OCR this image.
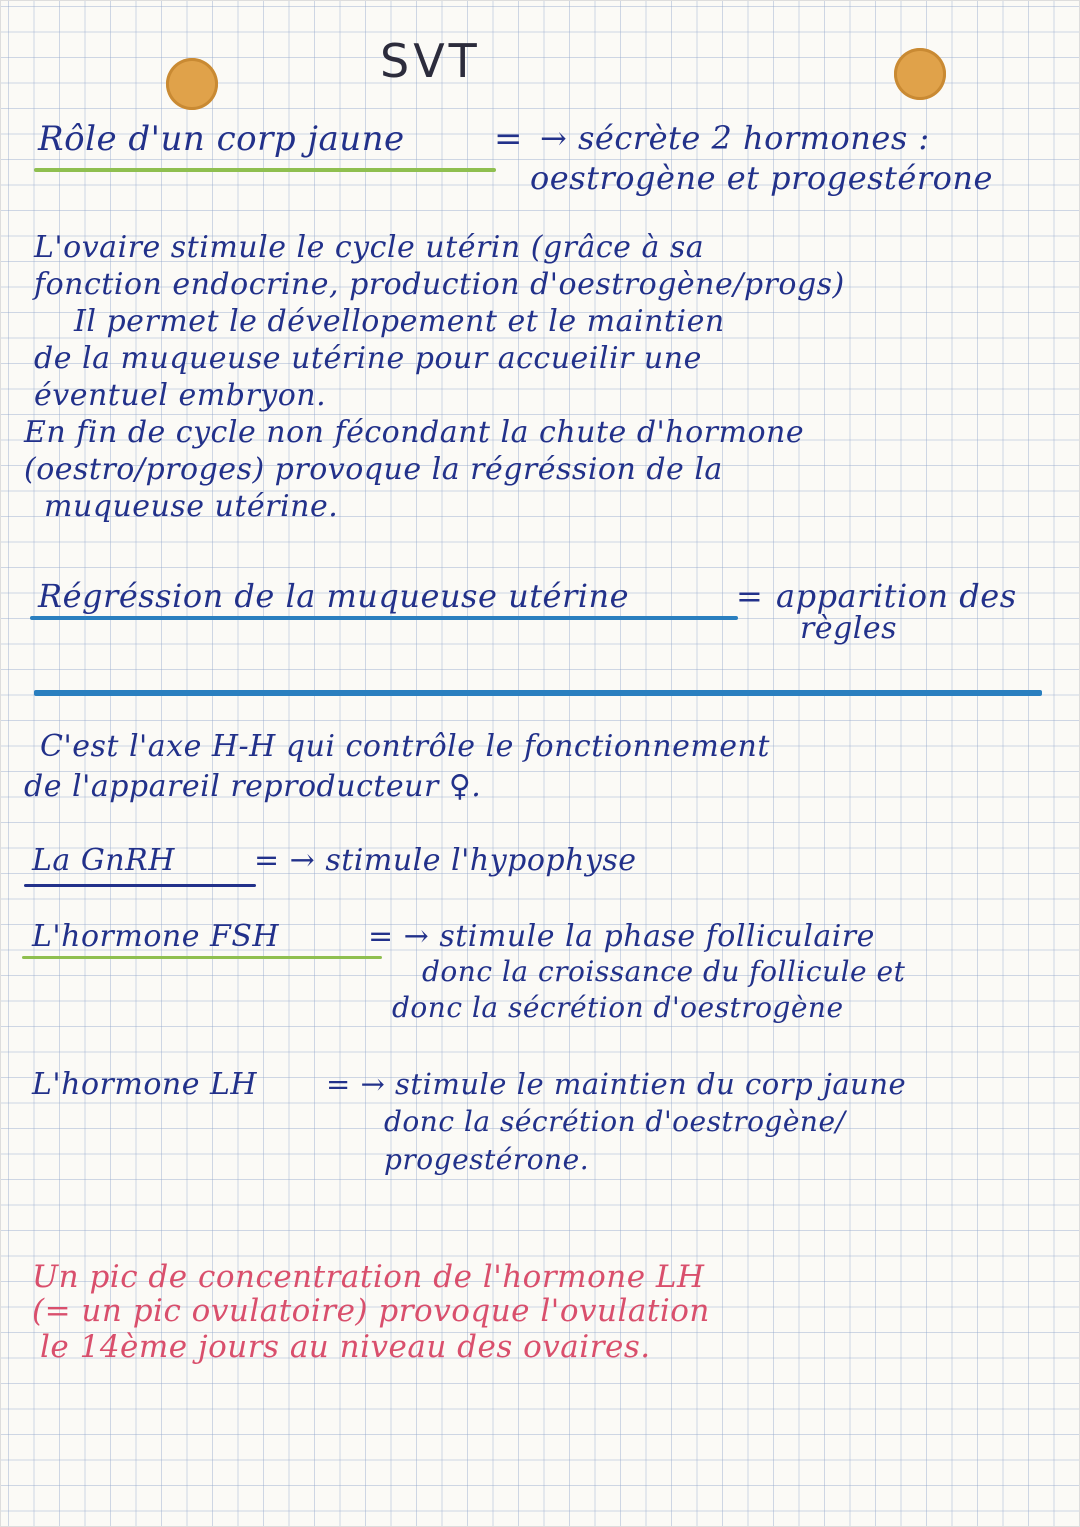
SVT
Rôle d'un corp jaune	= → sécrète 2 hormones :
oestrogène et progestérone
L'ovaire stimule le cycle utérin (grâce à sa
fonction endocrine, production d'oestrogène/progs)
Il permet le dévellopement et le maintien
de la muqueuse utérine pour accueilir une
éventuel embryon.
En fin de cycle non fécondant la chute d'hormone
(oestro/proges) provoque la régréssion de la
muqueuse utérine.
Régréssion de la muqueuse utérine	= apparition des
règles
C'est l'axe H-H qui contrôle le fonctionnement
de l'appareil reproducteur ♀.
La GnRH	= → stimule l'hypophyse
L'hormone FSH	= → stimule la phase folliculaire
donc la croissance du follicule et
donc la sécrétion d'oestrogène
L'hormone LH = → stimule le maintien du corp jaune
donc la sécrétion d'oestrogène/
progestérone.
Un pic de concentration de l'hormone LH
(= un pic ovulatoire) provoque l'ovulation
le 14ème jours au niveau des ovaires.
